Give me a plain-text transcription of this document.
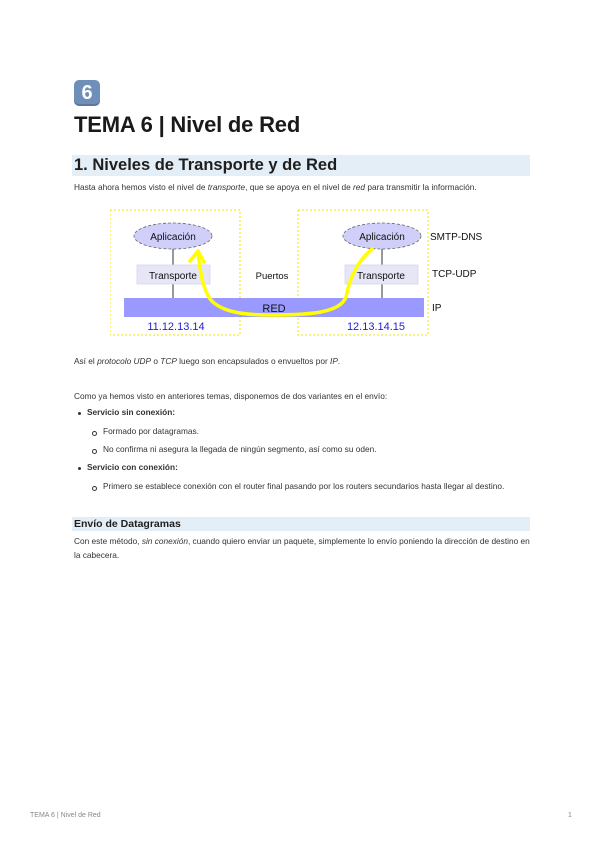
6
TEMA 6 | Nivel de Red
1. Niveles de Transporte y de Red

Hasta ahora hemos visto el nivel de transporte, que se apoya en el nivel de red para transmitir la información.

RED
Aplicación	Aplicación
Transporte	Transporte
Puertos
11.12.13.14	12.13.14.15
SMTP-DNS
TCP-UDP
IP

Así el protocolo UDP o TCP luego son encapsulados o envueltos por IP.

Como ya hemos visto en anteriores temas, disponemos de dos variantes en el envío:

Servicio sin conexión:
Formado por datagramas.
No confirma ni asegura la llegada de ningún segmento, así como su oden.
Servicio con conexión:
Primero se establece conexión con el router final pasando por los routers secundarios hasta llegar al destino.
Envío de Datagramas

Con este método, sin conexión, cuando quiero enviar un paquete, simplemente lo envío poniendo la dirección de destino en la cabecera.

TEMA 6 | Nivel de Red	1
